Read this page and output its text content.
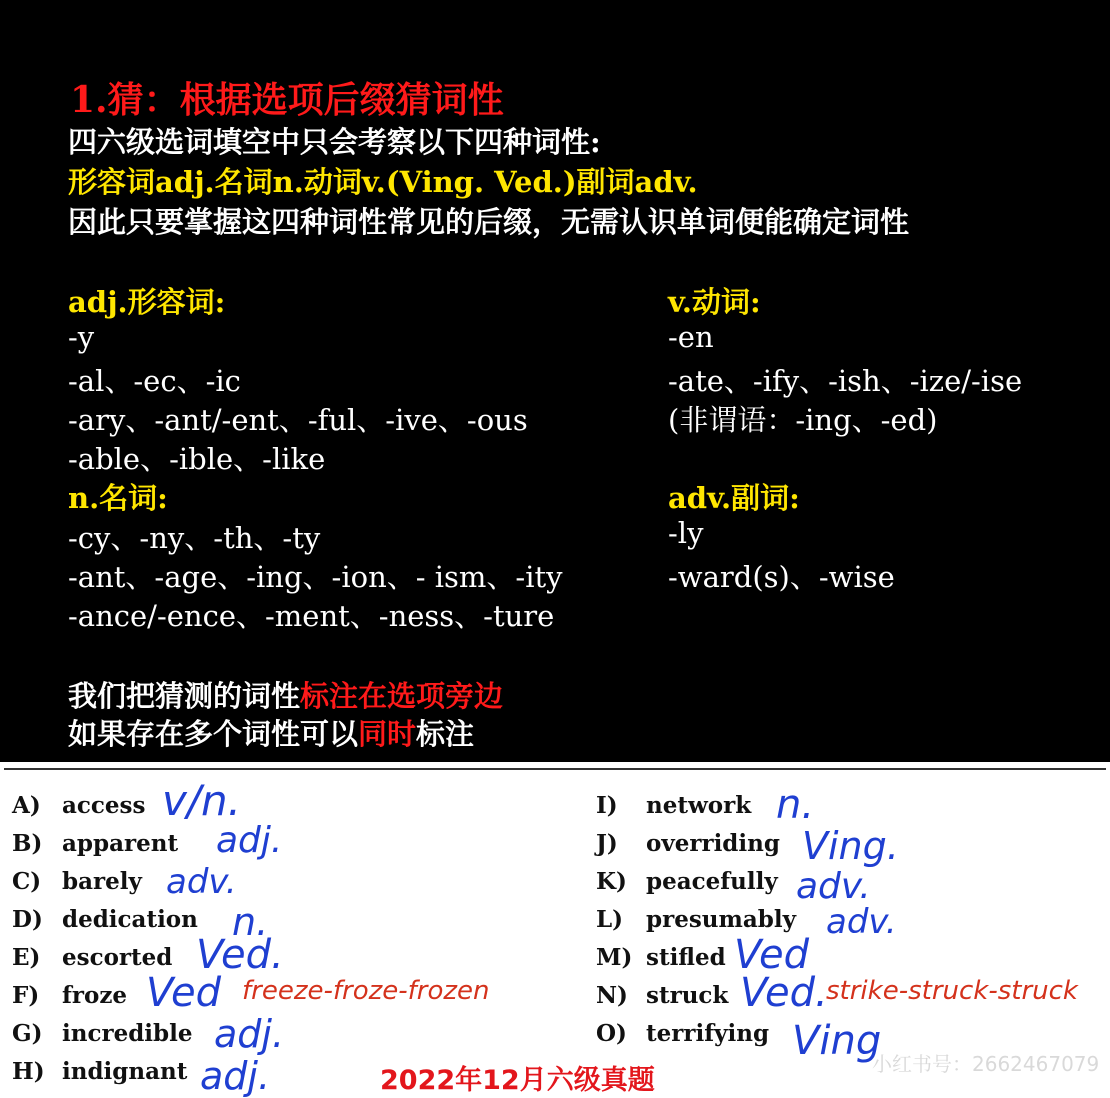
1.猜：根据选项后缀猜词性
四六级选词填空中只会考察以下四种词性:
形容词adj.名词n.动词v.(Ving. Ved.)副词adv.
因此只要掌握这四种词性常见的后缀，无需认识单词便能确定词性
adj.形容词:
-y
-al、-ec、-ic
-ary、-ant/-ent、-ful、-ive、-ous
-able、-ible、-like
n.名词:
-cy、-ny、-th、-ty
-ant、-age、-ing、-ion、- ism、-ity
-ance/-ence、-ment、-ness、-ture
v.动词:
-en
-ate、-ify、-ish、-ize/-ise
(非谓语：-ing、-ed)
adv.副词:
-ly
-ward(s)、-wise
我们把猜测的词性标注在选项旁边
如果存在多个词性可以同时标注
A) access
B) apparent
C) barely
D) dedication
E) escorted
F) froze
G) incredible
H) indignant
v/n.
adj.
adv.
n.
Ved.
Ved freeze-froze-frozen
adj.
adj.
I) network
J) overriding
K) peacefully
L) presumably
M) stifled
N) struck
O) terrifying
n.
Ving.
adv.
adv.
Ved
Ved.
strike-struck-struck
Ving
小红书号：2662467079
2022年12月六级真题
